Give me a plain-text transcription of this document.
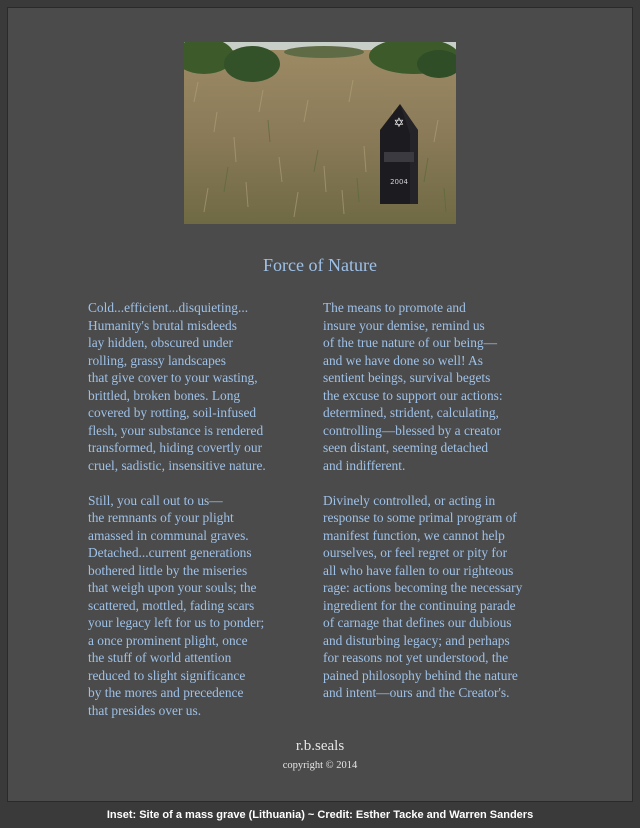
✡
2004
Force of Nature
Cold...efficient...disquieting...
Humanity's brutal misdeeds
lay hidden, obscured under
rolling, grassy landscapes
that give cover to your wasting,
brittled, broken bones. Long
covered by rotting, soil-infused
flesh, your substance is rendered
transformed, hiding covertly our
cruel, sadistic, insensitive nature.
Still, you call out to us—
the remnants of your plight
amassed in communal graves.
Detached...current generations
bothered little by the miseries
that weigh upon your souls; the
scattered, mottled, fading scars
your legacy left for us to ponder;
a once prominent plight, once
the stuff of world attention
reduced to slight significance
by the mores and precedence
that presides over us.
The means to promote and
insure your demise, remind us
of the true nature of our being—
and we have done so well! As
sentient beings, survival begets
the excuse to support our actions:
determined, strident, calculating,
controlling—blessed by a creator
seen distant, seeming detached
and indifferent.
Divinely controlled, or acting in
response to some primal program of
manifest function, we cannot help
ourselves, or feel regret or pity for
all who have fallen to our righteous
rage: actions becoming the necessary
ingredient for the continuing parade
of carnage that defines our dubious
and disturbing legacy; and perhaps
for reasons not yet understood, the
pained philosophy behind the nature
and intent—ours and the Creator's.
r.b.seals
copyright © 2014
Inset: Site of a mass grave (Lithuania) ~ Credit: Esther Tacke and Warren Sanders
